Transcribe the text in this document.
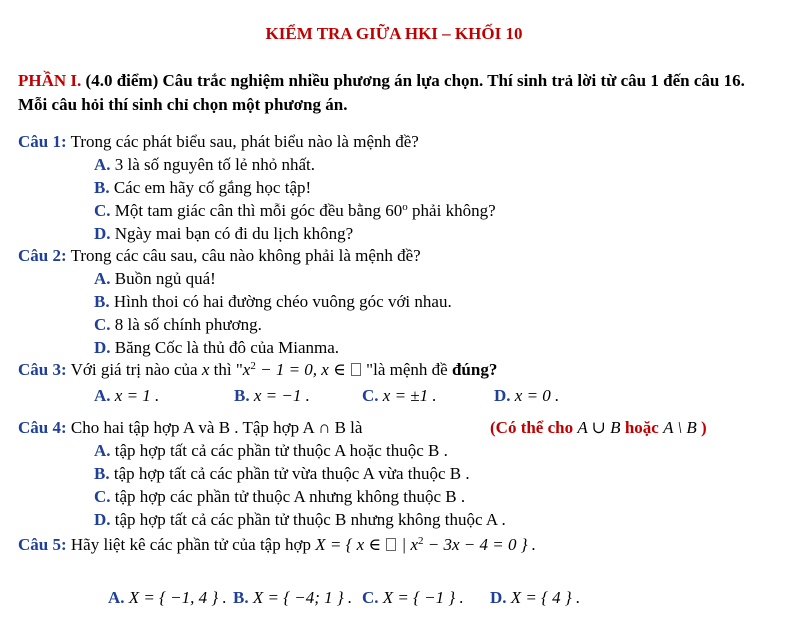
KIỂM TRA GIỮA HKI – KHỐI 10
PHẦN I. (4.0 điểm) Câu trắc nghiệm nhiều phương án lựa chọn. Thí sinh trả lời từ câu 1 đến câu 16. Mỗi câu hỏi thí sinh chỉ chọn một phương án.
Câu 1: Trong các phát biểu sau, phát biểu nào là mệnh đề?
A. 3 là số nguyên tố lẻ nhỏ nhất.
B. Các em hãy cố gắng học tập!
C. Một tam giác cân thì mỗi góc đều bằng 60$^o$ phải không?
D. Ngày mai bạn có đi du lịch không?
Câu 2: Trong các câu sau, câu nào không phải là mệnh đề?
A. Buồn ngủ quá!
B. Hình thoi có hai đường chéo vuông góc với nhau.
C. 8 là số chính phương.
D. Băng Cốc là thủ đô của Mianma.
Câu 3: Với giá trị nào của x thì "$x^2 - 1 = 0$, x ∈  "là mệnh đề đúng?
A. x = 1 .	B. x = −1 .	C. x = ±1 .	D. x = 0 .
Câu 4: Cho hai tập hợp A và B . Tập hợp A ∩ B là	(Có thể cho A ∪ B hoặc A \ B )
A. tập hợp tất cả các phần tử thuộc A hoặc thuộc B .
B. tập hợp tất cả các phần tử vừa thuộc A vừa thuộc B .
C. tập hợp các phần tử thuộc A nhưng không thuộc B .
D. tập hợp tất cả các phần tử thuộc B nhưng không thuộc A .
Câu 5: Hãy liệt kê các phần tử của tập hợp X = { x ∈  | $x^2 - 3x - 4 = 0$ } .
A. X = { −1, 4 } . B. X = { −4; 1 } . C. X = { −1 } . D. X = { 4 } .
